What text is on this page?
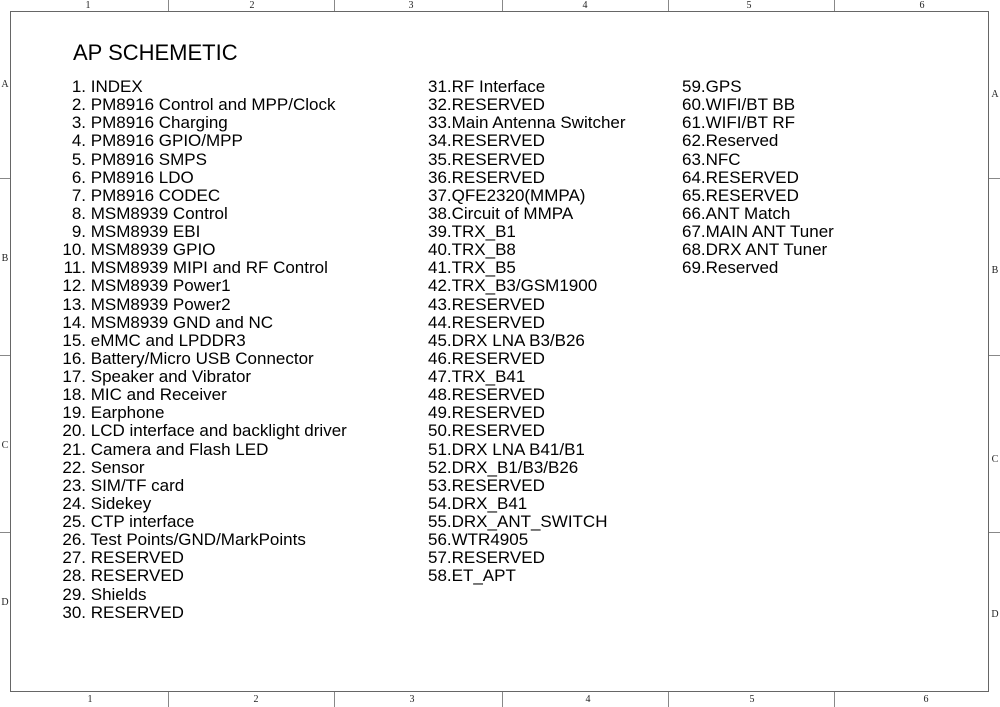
1	2	3	4	5	6
1	2	3	4	5	6
A
B
C
D
A
B
C
D
AP SCHEMETIC
1. INDEX
2. PM8916 Control and MPP/Clock
3. PM8916 Charging
4. PM8916 GPIO/MPP
5. PM8916 SMPS
6. PM8916 LDO
7. PM8916 CODEC
8. MSM8939 Control
9. MSM8939 EBI
10. MSM8939 GPIO
11. MSM8939 MIPI and RF Control
12. MSM8939 Power1
13. MSM8939 Power2
14. MSM8939 GND and NC
15. eMMC and LPDDR3
16. Battery/Micro USB Connector
17. Speaker and Vibrator
18. MIC and Receiver
19. Earphone
20. LCD interface and backlight driver
21. Camera and Flash LED
22. Sensor
23. SIM/TF card
24. Sidekey
25. CTP interface
26. Test Points/GND/MarkPoints
27. RESERVED
28. RESERVED
29. Shields
30. RESERVED
31.RF Interface
32.RESERVED
33.Main Antenna Switcher
34.RESERVED
35.RESERVED
36.RESERVED
37.QFE2320(MMPA)
38.Circuit of MMPA
39.TRX_B1
40.TRX_B8
41.TRX_B5
42.TRX_B3/GSM1900
43.RESERVED
44.RESERVED
45.DRX LNA B3/B26
46.RESERVED
47.TRX_B41
48.RESERVED
49.RESERVED
50.RESERVED
51.DRX LNA B41/B1
52.DRX_B1/B3/B26
53.RESERVED
54.DRX_B41
55.DRX_ANT_SWITCH
56.WTR4905
57.RESERVED
58.ET_APT
59.GPS
60.WIFI/BT BB
61.WIFI/BT RF
62.Reserved
63.NFC
64.RESERVED
65.RESERVED
66.ANT Match
67.MAIN ANT Tuner
68.DRX ANT Tuner
69.Reserved
